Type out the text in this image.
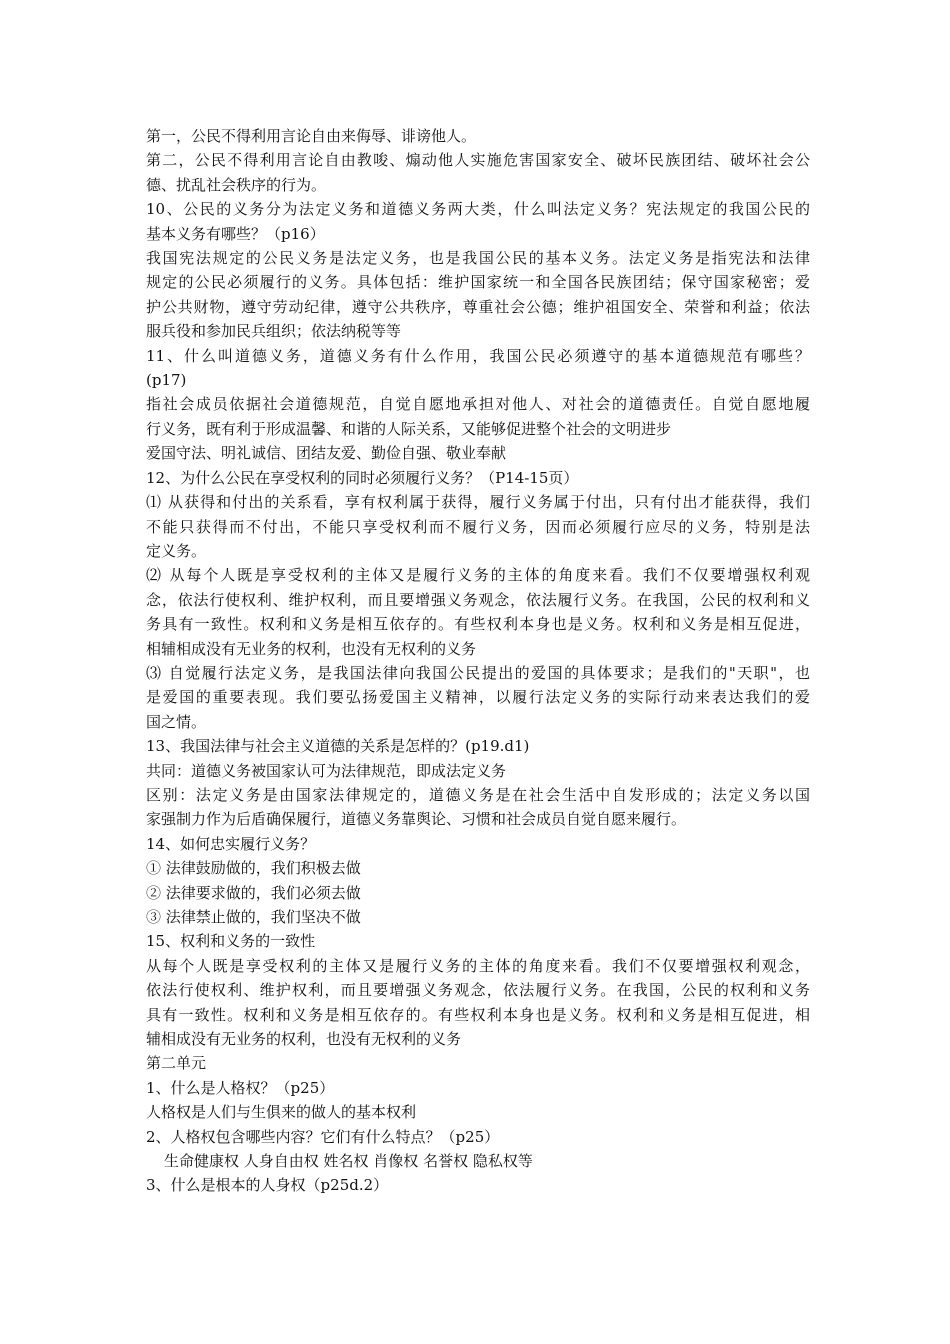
第一，公民不得利用言论自由来侮辱、诽谤他人。
第二，公民不得利用言论自由教唆、煽动他人实施危害国家安全、破坏民族团结、破坏社会公
德、扰乱社会秩序的行为。
10、公民的义务分为法定义务和道德义务两大类，什么叫法定义务？宪法规定的我国公民的
基本义务有哪些？（p16）
我国宪法规定的公民义务是法定义务，也是我国公民的基本义务。法定义务是指宪法和法律
规定的公民必须履行的义务。具体包括：维护国家统一和全国各民族团结；保守国家秘密；爱
护公共财物，遵守劳动纪律，遵守公共秩序，尊重社会公德；维护祖国安全、荣誉和利益；依法
服兵役和参加民兵组织；依法纳税等等
11、什么叫道德义务，道德义务有什么作用，我国公民必须遵守的基本道德规范有哪些？
(p17)
指社会成员依据社会道德规范，自觉自愿地承担对他人、对社会的道德责任。自觉自愿地履
行义务，既有利于形成温馨、和谐的人际关系，又能够促进整个社会的文明进步
爱国守法、明礼诚信、团结友爱、勤俭自强、敬业奉献
12、为什么公民在享受权利的同时必须履行义务？（P14-15页）
⑴ 从获得和付出的关系看，享有权利属于获得，履行义务属于付出，只有付出才能获得，我们
不能只获得而不付出，不能只享受权利而不履行义务，因而必须履行应尽的义务，特别是法
定义务。
⑵ 从每个人既是享受权利的主体又是履行义务的主体的角度来看。我们不仅要增强权利观
念，依法行使权利、维护权利，而且要增强义务观念，依法履行义务。在我国，公民的权利和义
务具有一致性。权利和义务是相互依存的。有些权利本身也是义务。权利和义务是相互促进，
相辅相成没有无业务的权利，也没有无权利的义务
⑶ 自觉履行法定义务，是我国法律向我国公民提出的爱国的具体要求；是我们的"天职"，也
是爱国的重要表现。我们要弘扬爱国主义精神，以履行法定义务的实际行动来表达我们的爱
国之情。
13、我国法律与社会主义道德的关系是怎样的？(p19.d1)
共同：道德义务被国家认可为法律规范，即成法定义务
区别：法定义务是由国家法律规定的，道德义务是在社会生活中自发形成的；法定义务以国
家强制力作为后盾确保履行，道德义务靠舆论、习惯和社会成员自觉自愿来履行。
14、如何忠实履行义务？
① 法律鼓励做的，我们积极去做
② 法律要求做的，我们必须去做
③ 法律禁止做的，我们坚决不做
15、权利和义务的一致性
从每个人既是享受权利的主体又是履行义务的主体的角度来看。我们不仅要增强权利观念，
依法行使权利、维护权利，而且要增强义务观念，依法履行义务。在我国，公民的权利和义务
具有一致性。权利和义务是相互依存的。有些权利本身也是义务。权利和义务是相互促进，相
辅相成没有无业务的权利，也没有无权利的义务
第二单元
1、什么是人格权？（p25）
人格权是人们与生俱来的做人的基本权利
2、人格权包含哪些内容？它们有什么特点？（p25）
生命健康权 人身自由权 姓名权 肖像权 名誉权 隐私权等
3、什么是根本的人身权（p25d.2）
